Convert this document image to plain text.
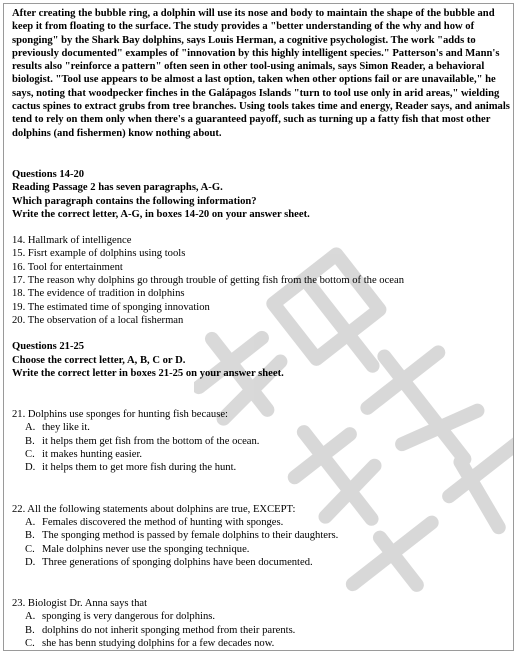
After creating the bubble ring, a dolphin will use its nose and body to maintain the shape of the bubble and keep it from floating to the surface. The study provides a "better understanding of the why and how of sponging" by the Shark Bay dolphins, says Louis Herman, a cognitive psychologist. The work "adds to previously documented" examples of "innovation by this highly intelligent species." Patterson's and Mann's results also "reinforce a pattern" often seen in other tool-using animals, says Simon Reader, a behavioral biologist. "Tool use appears to be almost a last option, taken when other options fail or are unavailable," he says, noting that woodpecker finches in the Galápagos Islands "turn to tool use only in arid areas," wielding cactus spines to extract grubs from tree branches. Using tools takes time and energy, Reader says, and animals tend to rely on them only when there's a guaranteed payoff, such as turning up a fatty fish that most other dolphins (and fishermen) know nothing about.

Questions 14-20

Reading Passage 2 has seven paragraphs, A-G.

Which paragraph contains the following information?

Write the correct letter, A-G, in boxes 14-20 on your answer sheet.

14. Hallmark of intelligence

15. Fisrt example of dolphins using tools

16. Tool for entertainment

17. The reason why dolphins go through trouble of getting fish from the bottom of the ocean

18. The evidence of tradition in dolphins

19. The estimated time of sponging innovation

20. The observation of a local fisherman

Questions 21-25

Choose the correct letter, A, B, C or D.

Write the correct letter in boxes 21-25 on your answer sheet.

21. Dolphins use sponges for hunting fish because:

A. they like it.

B. it helps them get fish from the bottom of the ocean.

C. it makes hunting easier.

D. it helps them to get more fish during the hunt.

22. All the following statements about dolphins are true, EXCEPT:

A. Females discovered the method of hunting with sponges.

B. The sponging method is passed by female dolphins to their daughters.

C. Male dolphins never use the sponging technique.

D. Three generations of sponging dolphins have been documented.

23. Biologist Dr. Anna says that

A. sponging is very dangerous for dolphins.

B. dolphins do not inherit sponging method from their parents.

C. she has benn studying dolphins for a few decades now.
